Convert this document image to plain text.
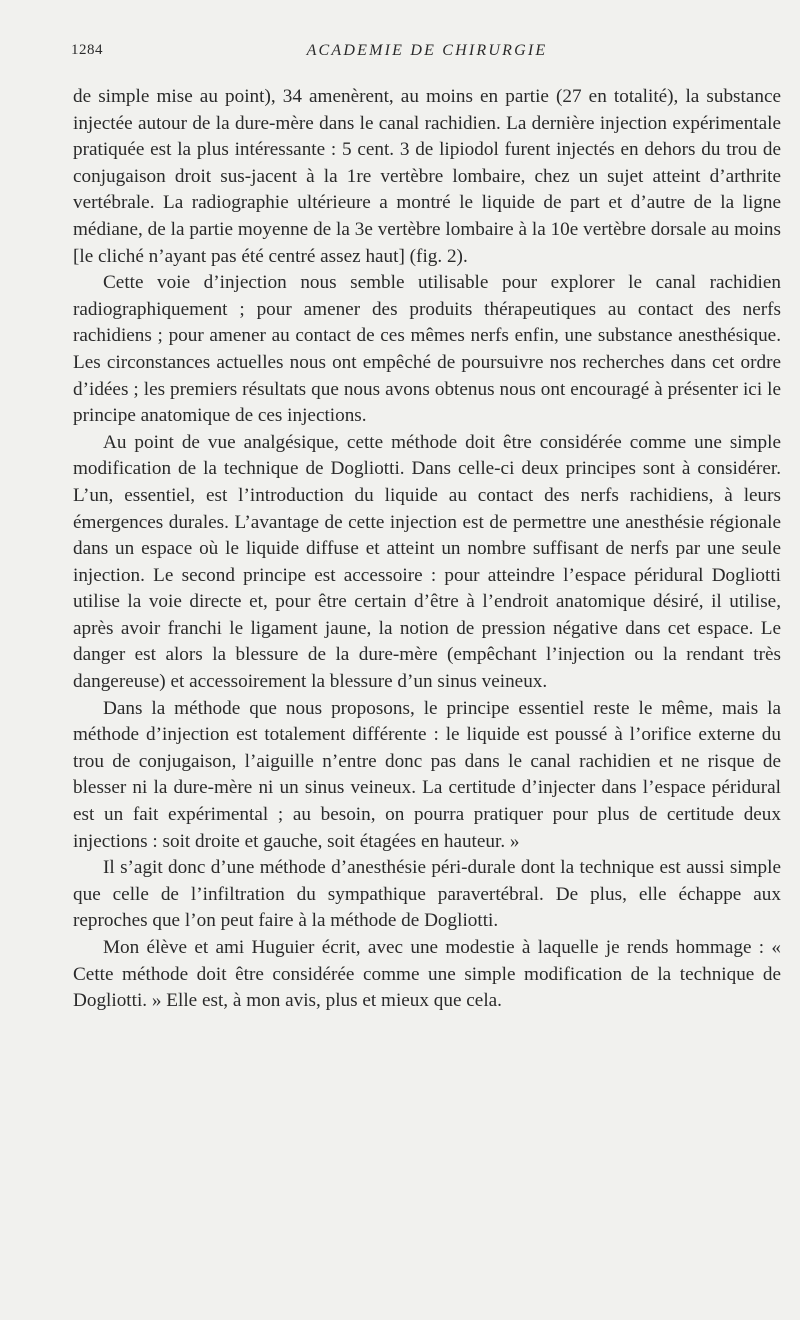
1284	ACADEMIE DE CHIRURGIE

de simple mise au point), 34 amenèrent, au moins en partie (27 en totalité), la substance injectée autour de la dure-mère dans le canal rachidien. La dernière injection expérimentale pratiquée est la plus intéressante : 5 cent. 3 de lipiodol furent injectés en dehors du trou de conjugaison droit sus-jacent à la 1re vertèbre lombaire, chez un sujet atteint d’arthrite vertébrale. La radiographie ultérieure a montré le liquide de part et d’autre de la ligne médiane, de la partie moyenne de la 3e vertèbre lombaire à la 10e vertèbre dorsale au moins [le cliché n’ayant pas été centré assez haut] (fig. 2).

Cette voie d’injection nous semble utilisable pour explorer le canal rachidien radiographiquement ; pour amener des produits thérapeutiques au contact des nerfs rachidiens ; pour amener au contact de ces mêmes nerfs enfin, une substance anesthésique. Les circonstances actuelles nous ont empêché de poursuivre nos recherches dans cet ordre d’idées ; les premiers résultats que nous avons obtenus nous ont encouragé à présenter ici le principe anatomique de ces injections.

Au point de vue analgésique, cette méthode doit être considérée comme une simple modification de la technique de Dogliotti. Dans celle-ci deux principes sont à considérer. L’un, essentiel, est l’introduction du liquide au contact des nerfs rachidiens, à leurs émergences durales. L’avantage de cette injection est de permettre une anesthésie régionale dans un espace où le liquide diffuse et atteint un nombre suffisant de nerfs par une seule injection. Le second principe est accessoire : pour atteindre l’espace péridural Dogliotti utilise la voie directe et, pour être certain d’être à l’endroit anatomique désiré, il utilise, après avoir franchi le ligament jaune, la notion de pression négative dans cet espace. Le danger est alors la blessure de la dure-mère (empêchant l’injection ou la rendant très dangereuse) et accessoirement la blessure d’un sinus veineux.

Dans la méthode que nous proposons, le principe essentiel reste le même, mais la méthode d’injection est totalement différente : le liquide est poussé à l’orifice externe du trou de conjugaison, l’aiguille n’entre donc pas dans le canal rachidien et ne risque de blesser ni la dure-mère ni un sinus veineux. La certitude d’injecter dans l’espace péridural est un fait expérimental ; au besoin, on pourra pratiquer pour plus de certitude deux injections : soit droite et gauche, soit étagées en hauteur. »

Il s’agit donc d’une méthode d’anesthésie péri-durale dont la technique est aussi simple que celle de l’infiltration du sympathique paravertébral. De plus, elle échappe aux reproches que l’on peut faire à la méthode de Dogliotti.

Mon élève et ami Huguier écrit, avec une modestie à laquelle je rends hommage : « Cette méthode doit être considérée comme une simple modification de la technique de Dogliotti. » Elle est, à mon avis, plus et mieux que cela.
